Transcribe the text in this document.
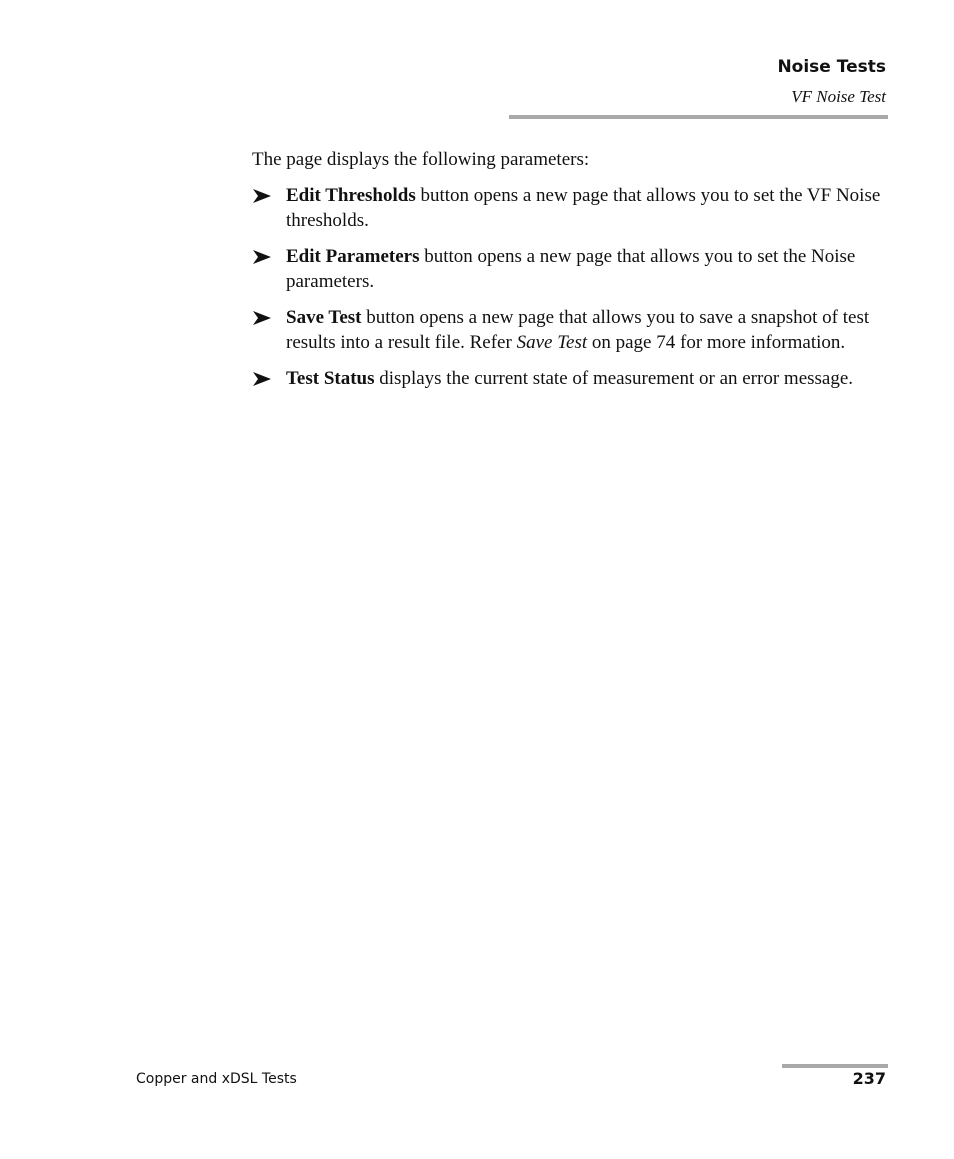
Noise Tests
VF Noise Test

The page displays the following parameters:

Edit Thresholds button opens a new page that allows you to set the VF Noise thresholds.
Edit Parameters button opens a new page that allows you to set the Noise parameters.
Save Test button opens a new page that allows you to save a snapshot of test results into a result file. Refer Save Test on page 74 for more information.
Test Status displays the current state of measurement or an error message.
Copper and xDSL Tests	237
